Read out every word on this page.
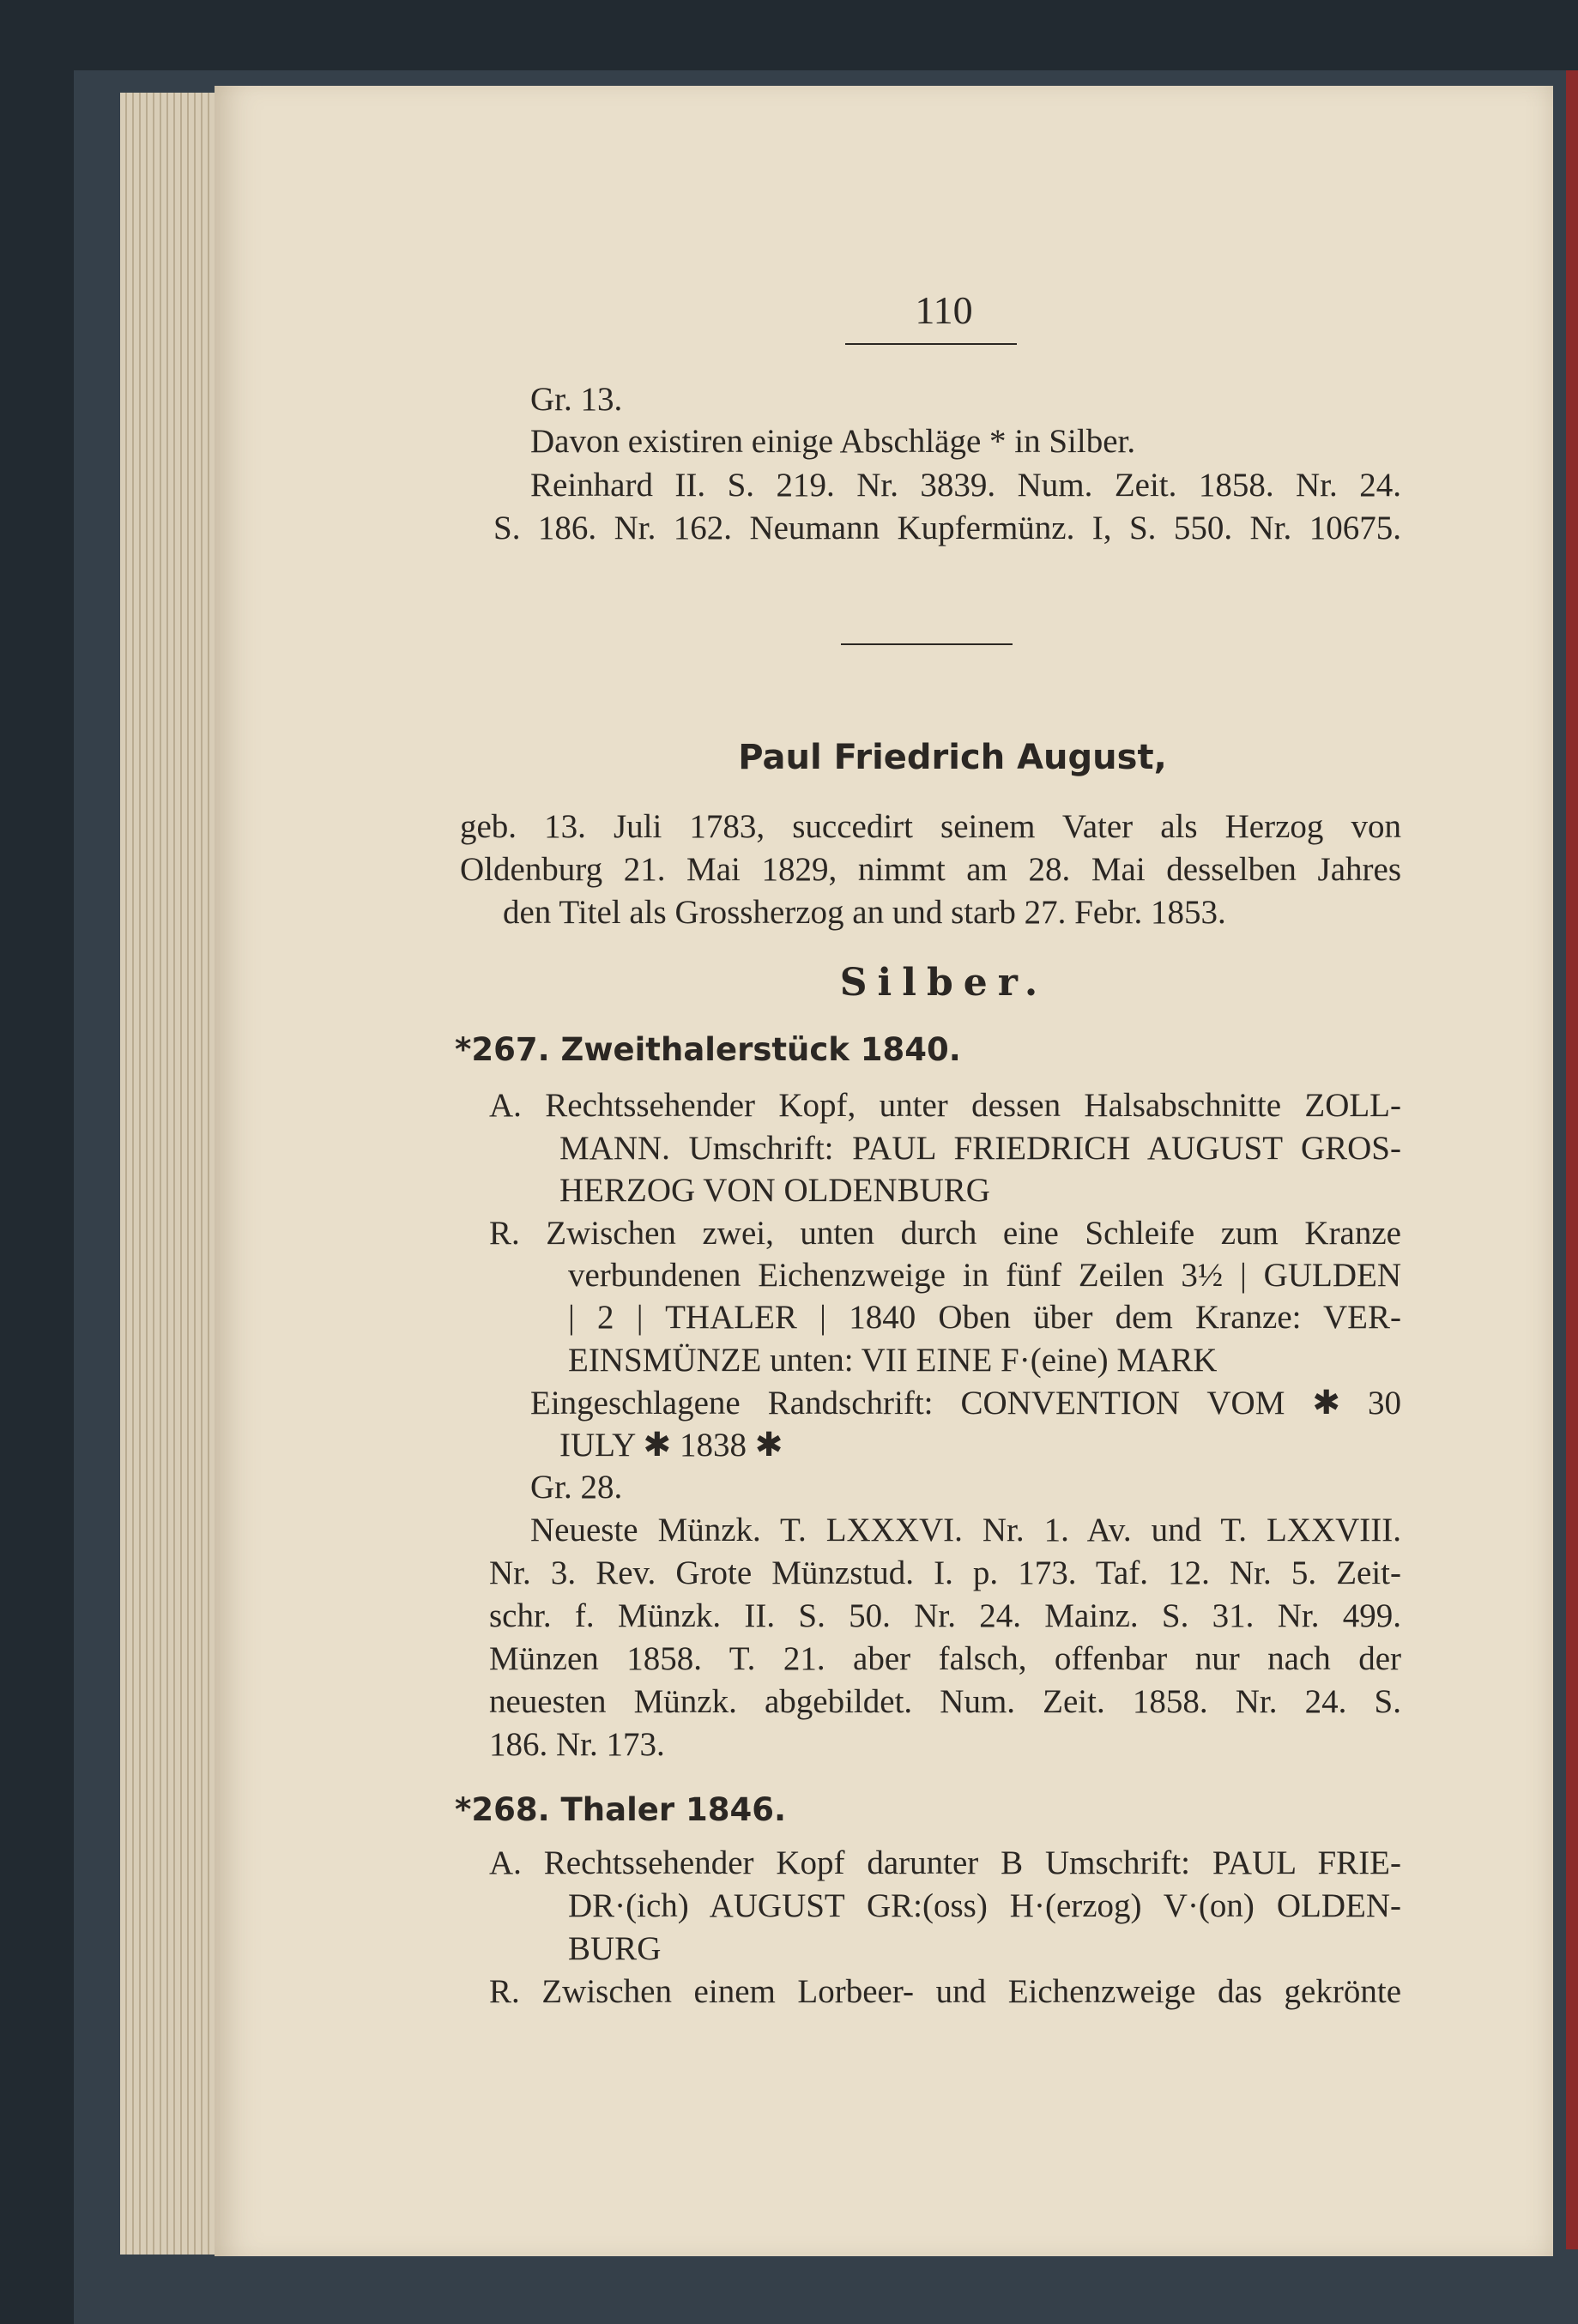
110
Gr. 13.
Davon existiren einige Abschläge * in Silber.
Reinhard II. S. 219. Nr. 3839. Num. Zeit. 1858. Nr. 24.
S. 186. Nr. 162. Neumann Kupfermünz. I, S. 550. Nr. 10675.
Paul Friedrich August,
geb. 13. Juli 1783, succedirt seinem Vater als Herzog von
Oldenburg 21. Mai 1829, nimmt am 28. Mai desselben Jahres
den Titel als Grossherzog an und starb 27. Febr. 1853.
Silber.
*267. Zweithalerstück 1840.
A. Rechtssehender Kopf, unter dessen Halsabschnitte ZOLL-
MANN. Umschrift: PAUL FRIEDRICH AUGUST GROS-
HERZOG VON OLDENBURG
R. Zwischen zwei, unten durch eine Schleife zum Kranze
verbundenen Eichenzweige in fünf Zeilen 3½ | GULDEN
| 2 | THALER | 1840 Oben über dem Kranze: VER-
EINSMÜNZE unten: VII EINE F·(eine) MARK
Eingeschlagene Randschrift: CONVENTION VOM ✱ 30
IULY ✱ 1838 ✱
Gr. 28.
Neueste Münzk. T. LXXXVI. Nr. 1. Av. und T. LXXVIII.
Nr. 3. Rev. Grote Münzstud. I. p. 173. Taf. 12. Nr. 5. Zeit-
schr. f. Münzk. II. S. 50. Nr. 24. Mainz. S. 31. Nr. 499.
Münzen 1858. T. 21. aber falsch, offenbar nur nach der
neuesten Münzk. abgebildet. Num. Zeit. 1858. Nr. 24. S.
186. Nr. 173.
*268. Thaler 1846.
A. Rechtssehender Kopf darunter B Umschrift: PAUL FRIE-
DR·(ich) AUGUST GR:(oss) H·(erzog) V·(on) OLDEN-
BURG
R. Zwischen einem Lorbeer- und Eichenzweige das gekrönte
